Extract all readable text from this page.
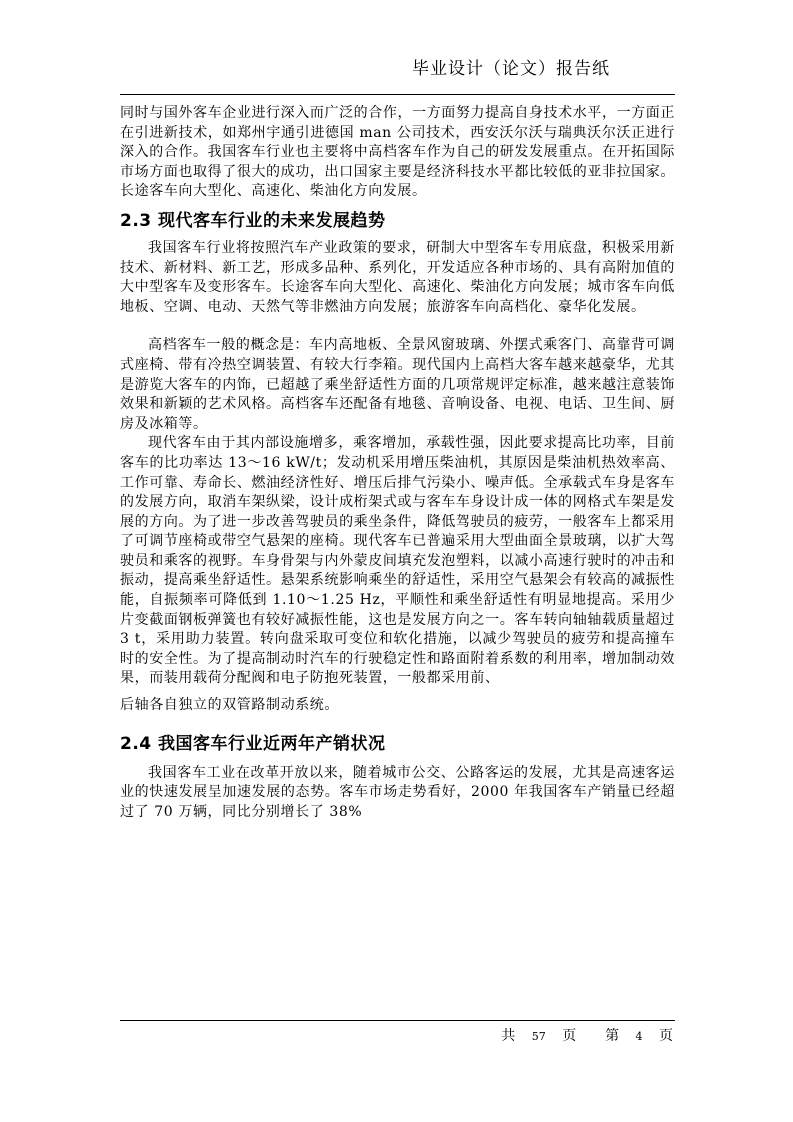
毕业设计（论文）报告纸

同时与国外客车企业进行深入而广泛的合作，一方面努力提高自身技术水平，一方面正在引进新技术，如郑州宇通引进德国 man 公司技术，西安沃尔沃与瑞典沃尔沃正进行深入的合作。我国客车行业也主要将中高档客车作为自己的研发发展重点。在开拓国际市场方面也取得了很大的成功，出口国家主要是经济科技水平都比较低的亚非拉国家。长途客车向大型化、高速化、柴油化方向发展。

2.3 现代客车行业的未来发展趋势

我国客车行业将按照汽车产业政策的要求，研制大中型客车专用底盘，积极采用新技术、新材料、新工艺，形成多品种、系列化，开发适应各种市场的、具有高附加值的大中型客车及变形客车。长途客车向大型化、高速化、柴油化方向发展；城市客车向低地板、空调、电动、天然气等非燃油方向发展；旅游客车向高档化、豪华化发展。

高档客车一般的概念是：车内高地板、全景风窗玻璃、外摆式乘客门、高靠背可调式座椅、带有冷热空调装置、有较大行李箱。现代国内上高档大客车越来越豪华，尤其是游览大客车的内饰，已超越了乘坐舒适性方面的几项常规评定标准，越来越注意装饰效果和新颖的艺术风格。高档客车还配备有地毯、音响设备、电视、电话、卫生间、厨房及冰箱等。

现代客车由于其内部设施增多，乘客增加，承载性强，因此要求提高比功率，目前客车的比功率达 13～16 kW/t；发动机采用增压柴油机，其原因是柴油机热效率高、工作可靠、寿命长、燃油经济性好、增压后排气污染小、噪声低。全承载式车身是客车的发展方向，取消车架纵梁，设计成桁架式或与客车车身设计成一体的网格式车架是发展的方向。为了进一步改善驾驶员的乘坐条件，降低驾驶员的疲劳，一般客车上都采用了可调节座椅或带空气悬架的座椅。现代客车已普遍采用大型曲面全景玻璃，以扩大驾驶员和乘客的视野。车身骨架与内外蒙皮间填充发泡塑料，以减小高速行驶时的冲击和振动，提高乘坐舒适性。悬架系统影响乘坐的舒适性，采用空气悬架会有较高的减振性能，自振频率可降低到 1.10～1.25 Hz，平顺性和乘坐舒适性有明显地提高。采用少片变截面钢板弹簧也有较好减振性能，这也是发展方向之一。客车转向轴轴载质量超过 3 t，采用助力装置。转向盘采取可变位和软化措施，以减少驾驶员的疲劳和提高撞车时的安全性。为了提高制动时汽车的行驶稳定性和路面附着系数的利用率，增加制动效果，而装用载荷分配阀和电子防抱死装置，一般都采用前、

后轴各自独立的双管路制动系统。

2.4 我国客车行业近两年产销状况

我国客车工业在改革开放以来，随着城市公交、公路客运的发展，尤其是高速客运业的快速发展呈加速发展的态势。客车市场走势看好，2000 年我国客车产销量已经超过了 70 万辆，同比分别增长了 38%

共 57 页 第 4 页
